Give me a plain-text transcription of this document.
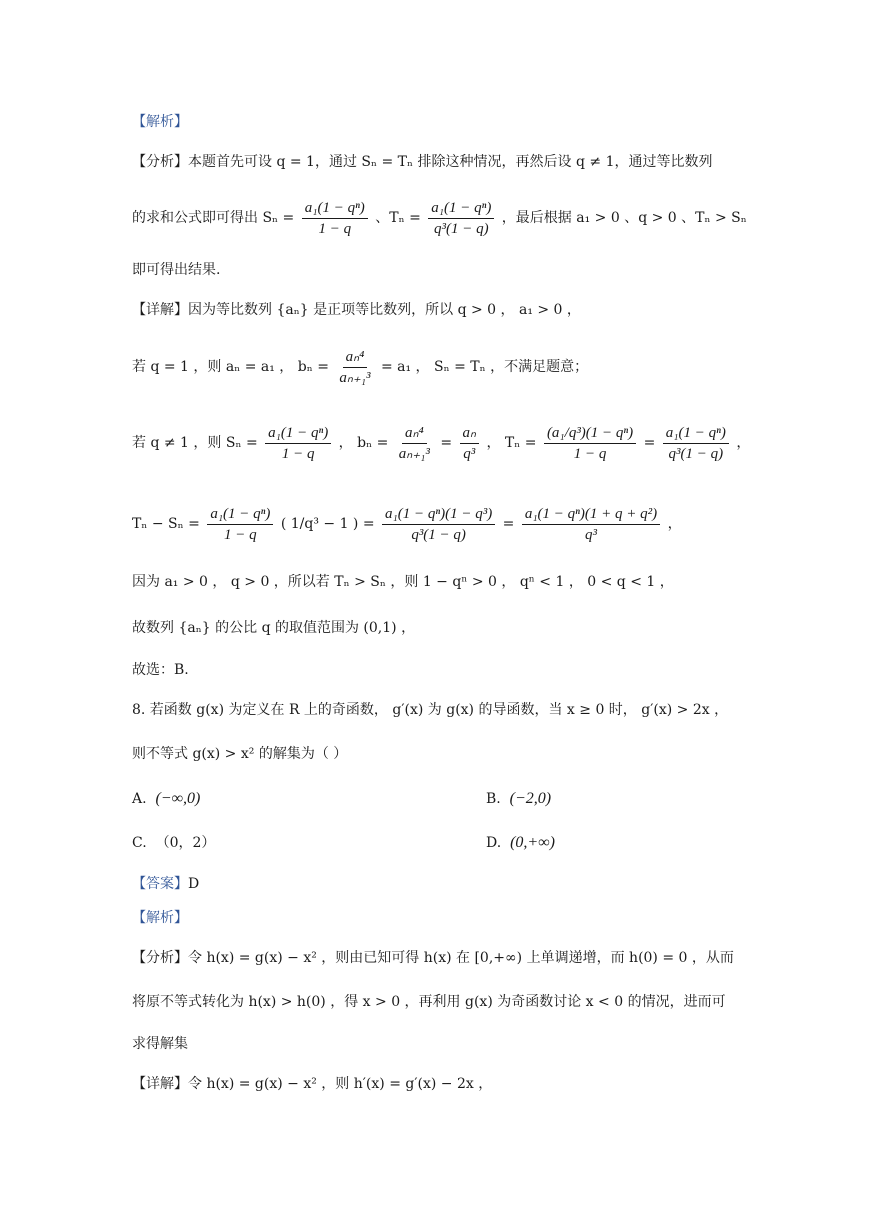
【解析】
【分析】本题首先可设 q = 1，通过 Sₙ = Tₙ 排除这种情况，再然后设 q ≠ 1，通过等比数列
的求和公式即可得出 $S_n = \frac{\text{a₁(1 − qⁿ)}}{1 - q}$ 、$T_n = \frac{\text{a₁(1 − qⁿ)}}{\text{q³(1 − q)}}$ ，最后根据 a₁ > 0 、q > 0 、Tₙ > Sₙ
即可得出结果.
【详解】因为等比数列 {aₙ} 是正项等比数列，所以 q > 0 ， a₁ > 0 ，
若 q = 1 ，则 aₙ = a₁ ， $b_n = \frac{\text{aₙ⁴}}{\text{aₙ₊₁³}} = a_1$ ， Sₙ = Tₙ ，不满足题意；
若 q ≠ 1 ，则 $S_n = \frac{\text{a₁(1 − qⁿ)}}{1 - q}$ ， $b_n = \frac{\text{aₙ⁴}}{\text{aₙ₊₁³}} = \frac{\text{aₙ}}{\text{q³}}$ ， $T_n = \frac{\text{(a₁/q³)(1 − qⁿ)}}{1 - q} = \frac{\text{a₁(1 − qⁿ)}}{\text{q³(1 − q)}}$ ，
$T_n - S_n = \frac{\text{a₁(1 − qⁿ)}}{1 - q}$ ( 1/q³ − 1 ) = $\frac{\text{a₁(1 − qⁿ)(1 − q³)}}{\text{q³(1 − q)}} = \frac{\text{a₁(1 − qⁿ)(1 + q + q²)}}{\text{q³}}$ ，
因为 a₁ > 0 ， q > 0 ，所以若 Tₙ > Sₙ ，则 1 − qⁿ > 0 ， qⁿ < 1 ， 0 < q < 1 ，
故数列 {aₙ} 的公比 q 的取值范围为 (0,1) ，
故选：B.
8. 若函数 g(x) 为定义在 R 上的奇函数， g′(x) 为 g(x) 的导函数，当 x ≥ 0 时， g′(x) > 2x ，
则不等式 g(x) > x² 的解集为（ ）
A. (−∞,0)	B. (−2,0)
C. （0，2）	D. (0,+∞)
【答案】D
【解析】
【分析】令 h(x) = g(x) − x² ，则由已知可得 h(x) 在 [0,+∞) 上单调递增，而 h(0) = 0 ，从而
将原不等式转化为 h(x) > h(0) ，得 x > 0 ，再利用 g(x) 为奇函数讨论 x < 0 的情况，进而可
求得解集
【详解】令 h(x) = g(x) − x² ，则 h′(x) = g′(x) − 2x ，
